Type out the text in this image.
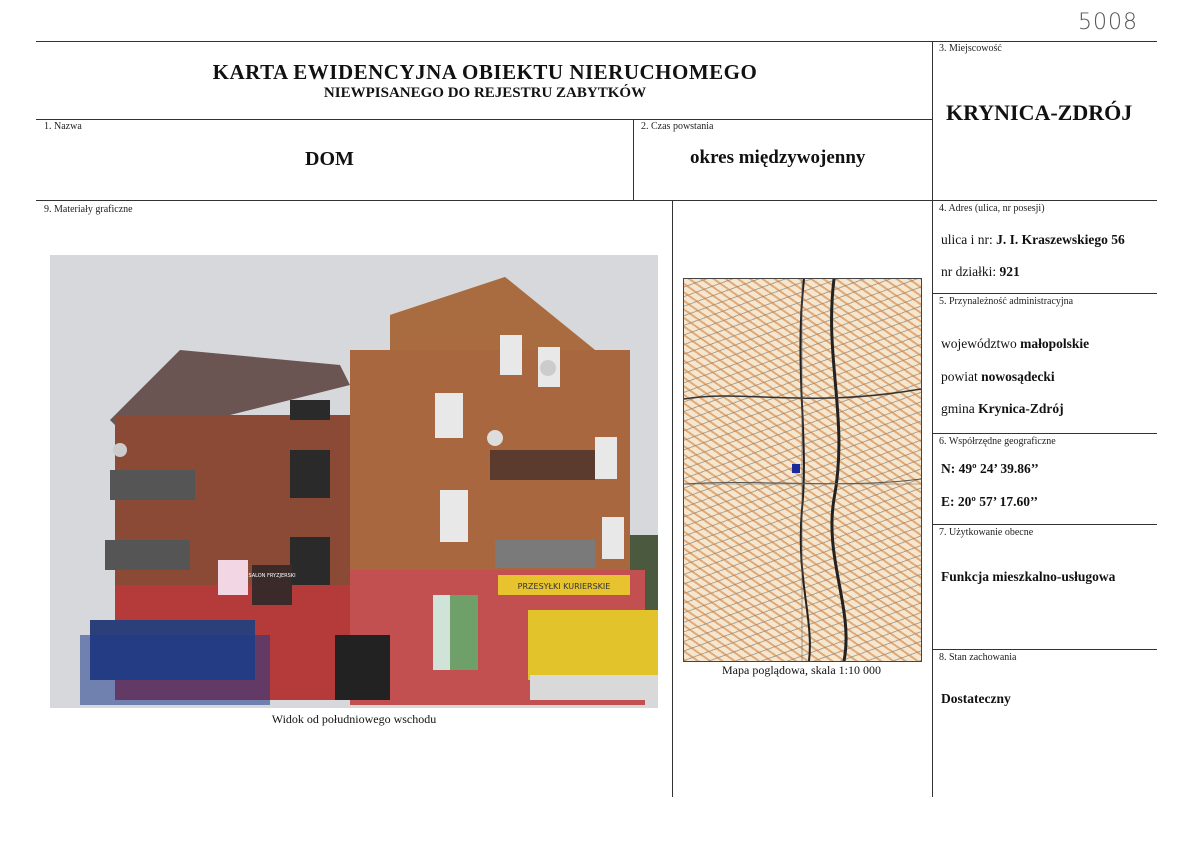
5008
KARTA EWIDENCYJNA OBIEKTU NIERUCHOMEGO
NIEWPISANEGO DO REJESTRU ZABYTKÓW
3. Miejscowość
KRYNICA-ZDRÓJ
1. Nazwa
DOM
2. Czas powstania
okres międzywojenny
9. Materiały graficzne
PRZESYŁKI KURIERSKIE
SALON FRYZJERSKI
Widok od południowego wschodu
Mapa poglądowa, skala 1:10 000
4. Adres (ulica, nr posesji)
ulica i nr: J. I. Kraszewskiego 56
nr działki: 921
5. Przynależność administracyjna
województwo małopolskie
powiat nowosądecki
gmina Krynica-Zdrój
6. Współrzędne geograficzne
N: 49º 24’ 39.86’’
E: 20º 57’ 17.60’’
7. Użytkowanie obecne
Funkcja mieszkalno-usługowa
8. Stan zachowania
Dostateczny
